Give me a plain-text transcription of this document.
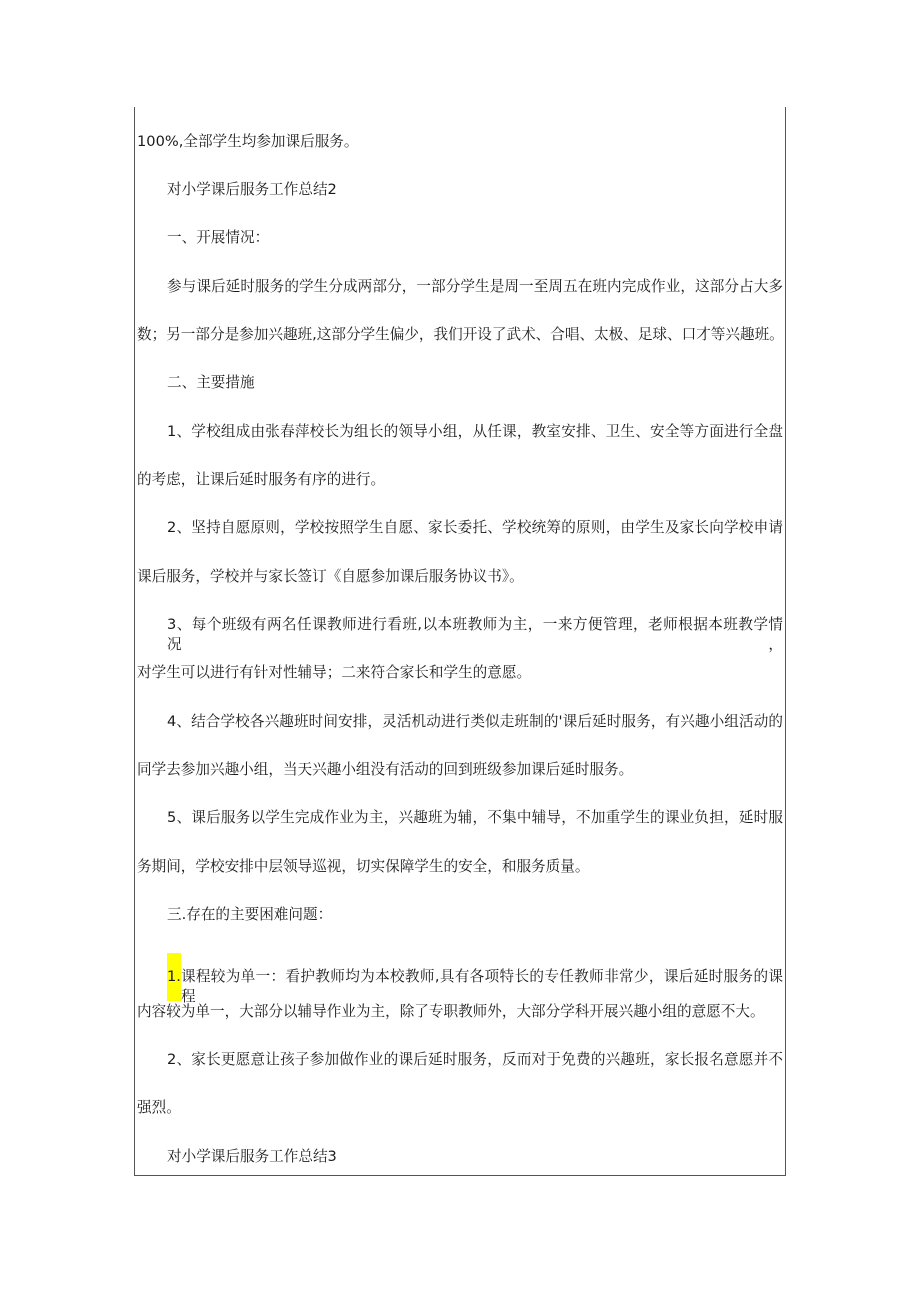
100%,全部学生均参加课后服务。
对小学课后服务工作总结2
一、开展情况：
参与课后延时服务的学生分成两部分，一部分学生是周一至周五在班内完成作业，这部分占大多
数；另一部分是参加兴趣班,这部分学生偏少，我们开设了武术、合唱、太极、足球、口才等兴趣班。
二、主要措施
1、学校组成由张春萍校长为组长的领导小组，从任课，教室安排、卫生、安全等方面进行全盘
的考虑，让课后延时服务有序的进行。
2、坚持自愿原则，学校按照学生自愿、家长委托、学校统筹的原则，由学生及家长向学校申请
课后服务，学校并与家长签订《自愿参加课后服务协议书》。
3、每个班级有两名任课教师进行看班,以本班教师为主，一来方便管理，老师根据本班教学情况，
对学生可以进行有针对性辅导；二来符合家长和学生的意愿。
4、结合学校各兴趣班时间安排，灵活机动进行类似走班制的'课后延时服务，有兴趣小组活动的
同学去参加兴趣小组，当天兴趣小组没有活动的回到班级参加课后延时服务。
5、课后服务以学生完成作业为主，兴趣班为辅，不集中辅导，不加重学生的课业负担，延时服
务期间，学校安排中层领导巡视，切实保障学生的安全，和服务质量。
三.存在的主要困难问题：
1. 课程较为单一：看护教师均为本校教师,具有各项特长的专任教师非常少，课后延时服务的课程
内容较为单一，大部分以辅导作业为主，除了专职教师外，大部分学科开展兴趣小组的意愿不大。
2、家长更愿意让孩子参加做作业的课后延时服务，反而对于免费的兴趣班，家长报名意愿并不
强烈。
对小学课后服务工作总结3
